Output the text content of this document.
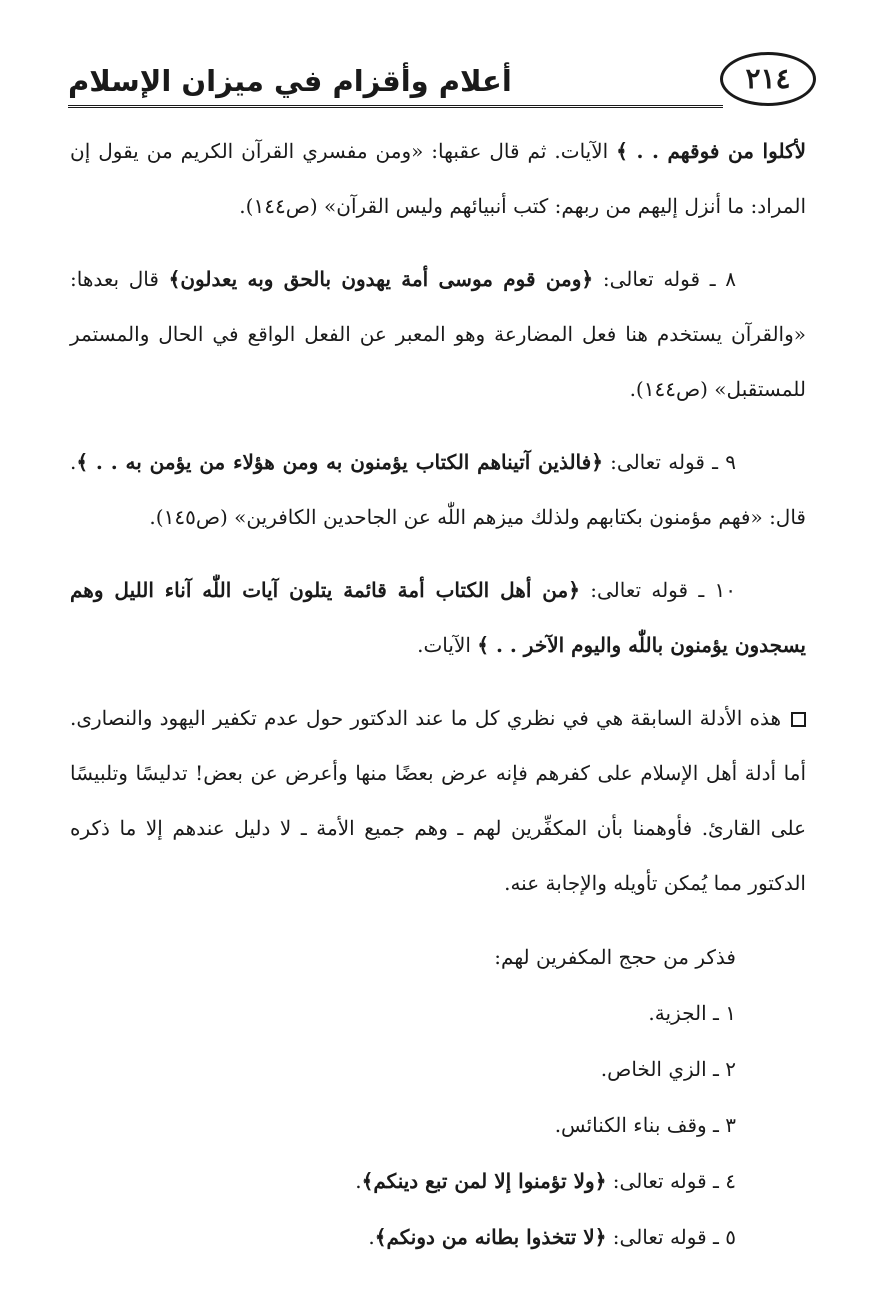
أعلام وأقزام في ميزان الإسلام	٢١٤

لأكلوا من فوقهم . . ﴾ الآيات. ثم قال عقبها: «ومن مفسري القرآن الكريم من يقول إن المراد: ما أنزل إليهم من ربهم: كتب أنبيائهم وليس القرآن» (ص١٤٤).

٨ ـ قوله تعالى: ﴿ومن قوم موسى أمة يهدون بالحق وبه يعدلون﴾ قال بعدها: «والقرآن يستخدم هنا فعل المضارعة وهو المعبر عن الفعل الواقع في الحال والمستمر للمستقبل» (ص١٤٤).

٩ ـ قوله تعالى: ﴿فالذين آتيناهم الكتاب يؤمنون به ومن هؤلاء من يؤمن به . . ﴾. قال: «فهم مؤمنون بكتابهم ولذلك ميزهم اللّٰه عن الجاحدين الكافرين» (ص١٤٥).

١٠ ـ قوله تعالى: ﴿من أهل الكتاب أمة قائمة يتلون آيات اللّٰه آناء الليل وهم يسجدون يؤمنون باللّٰه واليوم الآخر . . ﴾ الآيات.

هذه الأدلة السابقة هي في نظري كل ما عند الدكتور حول عدم تكفير اليهود والنصارى. أما أدلة أهل الإسلام على كفرهم فإنه عرض بعضًا منها وأعرض عن بعض! تدليسًا وتلبيسًا على القارئ. فأوهمنا بأن المكفِّرين لهم ـ وهم جميع الأمة ـ لا دليل عندهم إلا ما ذكره الدكتور مما يُمكن تأويله والإجابة عنه.

فذكر من حجج المكفرين لهم:
١ ـ الجزية.
٢ ـ الزي الخاص.
٣ ـ وقف بناء الكنائس.
٤ ـ قوله تعالى: ﴿ولا تؤمنوا إلا لمن تبع دينكم﴾.
٥ ـ قوله تعالى: ﴿لا تتخذوا بطانه من دونكم﴾.
